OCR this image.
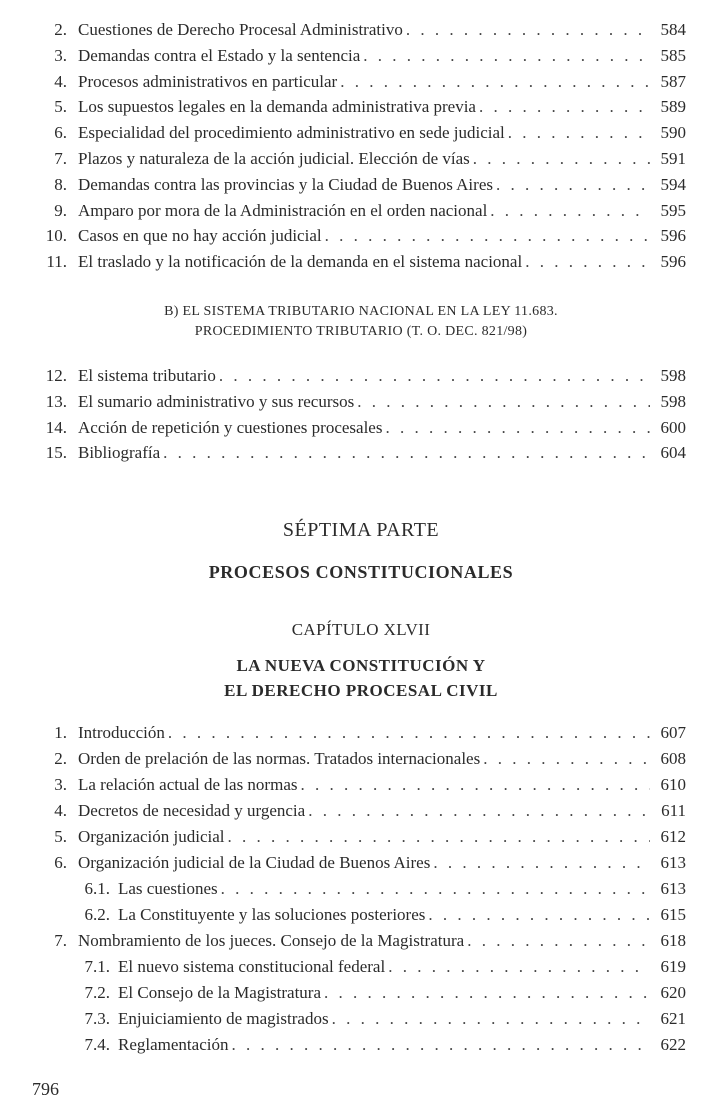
2. Cuestiones de Derecho Procesal Administrativo . . .	584
3. Demandas contra el Estado y la sentencia . . .	585
4. Procesos administrativos en particular . . .	587
5. Los supuestos legales en la demanda administrativa previa . . .	589
6. Especialidad del procedimiento administrativo en sede judicial . . .	590
7. Plazos y naturaleza de la acción judicial. Elección de vías . . .	591
8. Demandas contra las provincias y la Ciudad de Buenos Aires . . .	594
9. Amparo por mora de la Administración en el orden nacional . . .	595
10. Casos en que no hay acción judicial . . .	596
11. El traslado y la notificación de la demanda en el sistema nacional . . .	596
B) EL SISTEMA TRIBUTARIO NACIONAL EN LA LEY 11.683.
PROCEDIMIENTO TRIBUTARIO (T. O. DEC. 821/98)
12. El sistema tributario . . .	598
13. El sumario administrativo y sus recursos . . .	598
14. Acción de repetición y cuestiones procesales . . .	600
15. Bibliografía . . .	604
SÉPTIMA PARTE
PROCESOS CONSTITUCIONALES
CAPÍTULO XLVII
LA NUEVA CONSTITUCIÓN Y
EL DERECHO PROCESAL CIVIL
1. Introducción . . .	607
2. Orden de prelación de las normas. Tratados internacionales . . .	608
3. La relación actual de las normas . . .	610
4. Decretos de necesidad y urgencia . . .	611
5. Organización judicial . . .	612
6. Organización judicial de la Ciudad de Buenos Aires . . .	613
6.1. Las cuestiones . . .	613
6.2. La Constituyente y las soluciones posteriores . . .	615
7. Nombramiento de los jueces. Consejo de la Magistratura . . .	618
7.1. El nuevo sistema constitucional federal . . .	619
7.2. El Consejo de la Magistratura . . .	620
7.3. Enjuiciamiento de magistrados . . .	621
7.4. Reglamentación . . .	622
796
